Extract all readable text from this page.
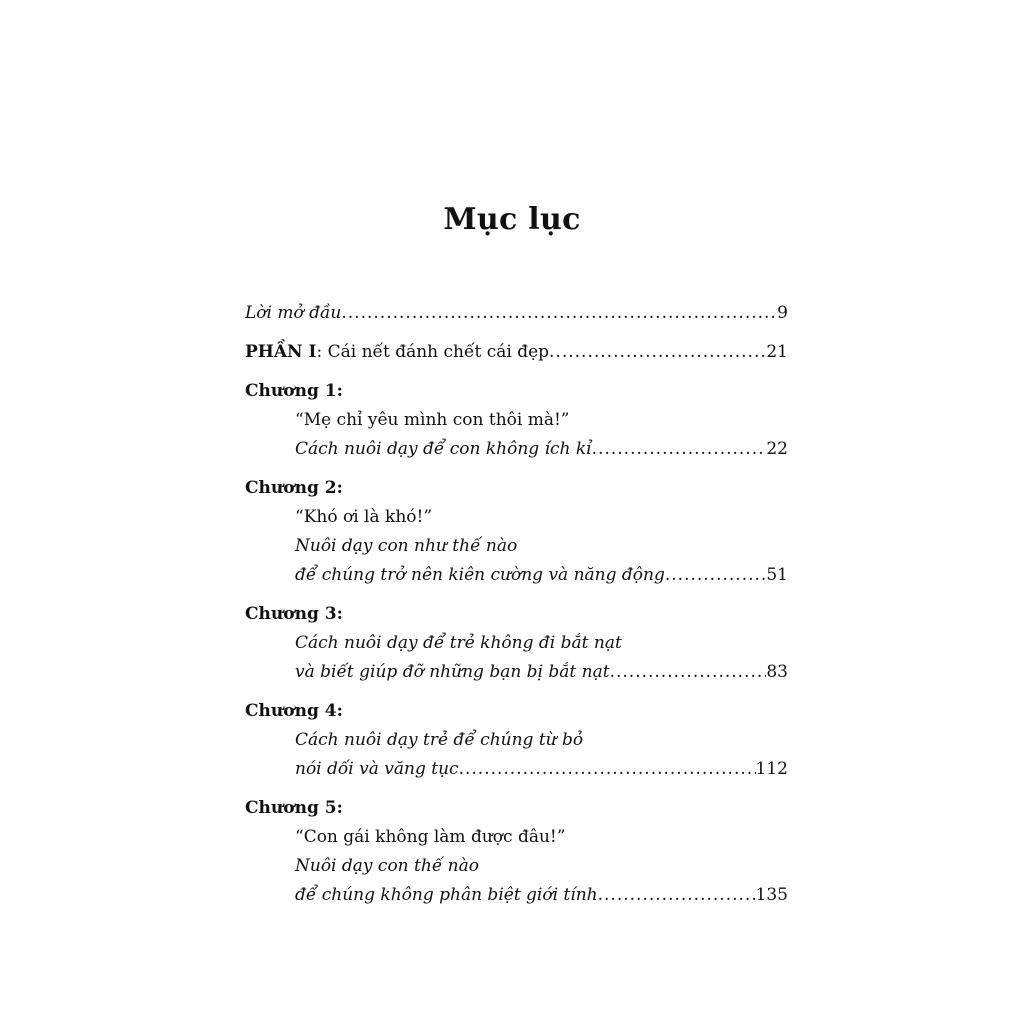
Mục lục
Lời mở đầu .....	9
PHẦN I: Cái nết đánh chết cái đẹp .....	21
Chương 1:
“Mẹ chỉ yêu mình con thôi mà!”
Cách nuôi dạy để con không ích kỉ .....	22
Chương 2:
“Khó ơi là khó!”
Nuôi dạy con như thế nào
để chúng trở nên kiên cường và năng động .....	51
Chương 3:
Cách nuôi dạy để trẻ không đi bắt nạt
và biết giúp đỡ những bạn bị bắt nạt .....	83
Chương 4:
Cách nuôi dạy trẻ để chúng từ bỏ
nói dối và văng tục .....	112
Chương 5:
“Con gái không làm được đâu!”
Nuôi dạy con thế nào
để chúng không phân biệt giới tính .....	135
